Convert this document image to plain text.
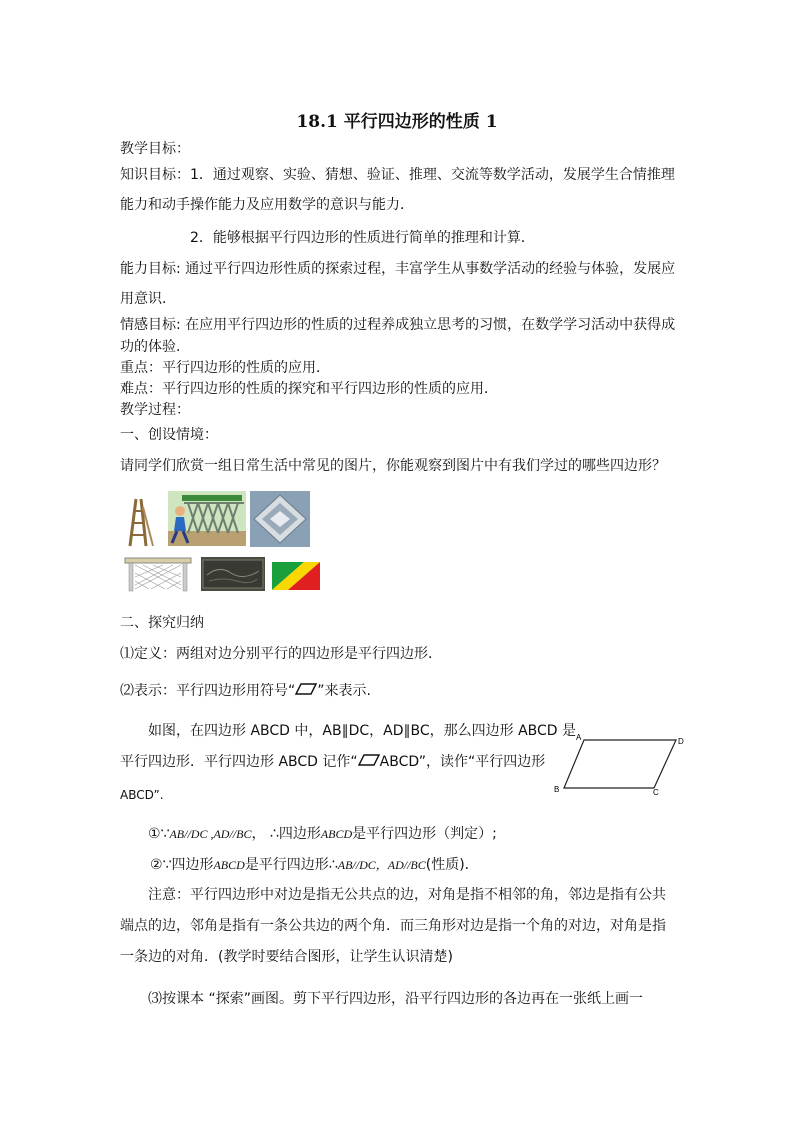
18.1 平行四边形的性质 1
教学目标：
知识目标：1．通过观察、实验、猜想、验证、推理、交流等数学活动，发展学生合情推理
能力和动手操作能力及应用数学的意识与能力．
2．能够根据平行四边形的性质进行简单的推理和计算．
能力目标: 通过平行四边形性质的探索过程，丰富学生从事数学活动的经验与体验，发展应
用意识．
情感目标: 在应用平行四边形的性质的过程养成独立思考的习惯，在数学学习活动中获得成
功的体验．
重点：平行四边形的性质的应用．
难点：平行四边形的性质的探究和平行四边形的性质的应用．
教学过程：
一、创设情境：
请同学们欣赏一组日常生活中常见的图片，你能观察到图片中有我们学过的哪些四边形？
二、探究归纳
⑴定义：两组对边分别平行的四边形是平行四边形．
⑵表示：平行四边形用符号“ ”来表示.
如图，在四边形 ABCD 中，AB∥DC，AD∥BC，那么四边形 ABCD 是
平行四边形．平行四边形 ABCD 记作“ ABCD”，读作“平行四边形
ABCD”.
A	D
B	C
①∵AB//DC ,AD//BC， ∴四边形ABCD是平行四边形（判定）;
②∵四边形ABCD是平行四边形∴AB//DC，AD//BC(性质)．
注意：平行四边形中对边是指无公共点的边，对角是指不相邻的角，邻边是指有公共
端点的边，邻角是指有一条公共边的两个角．而三角形对边是指一个角的对边，对角是指
一条边的对角．(教学时要结合图形，让学生认识清楚)
⑶按课本 “探索”画图。剪下平行四边形，沿平行四边形的各边再在一张纸上画一
